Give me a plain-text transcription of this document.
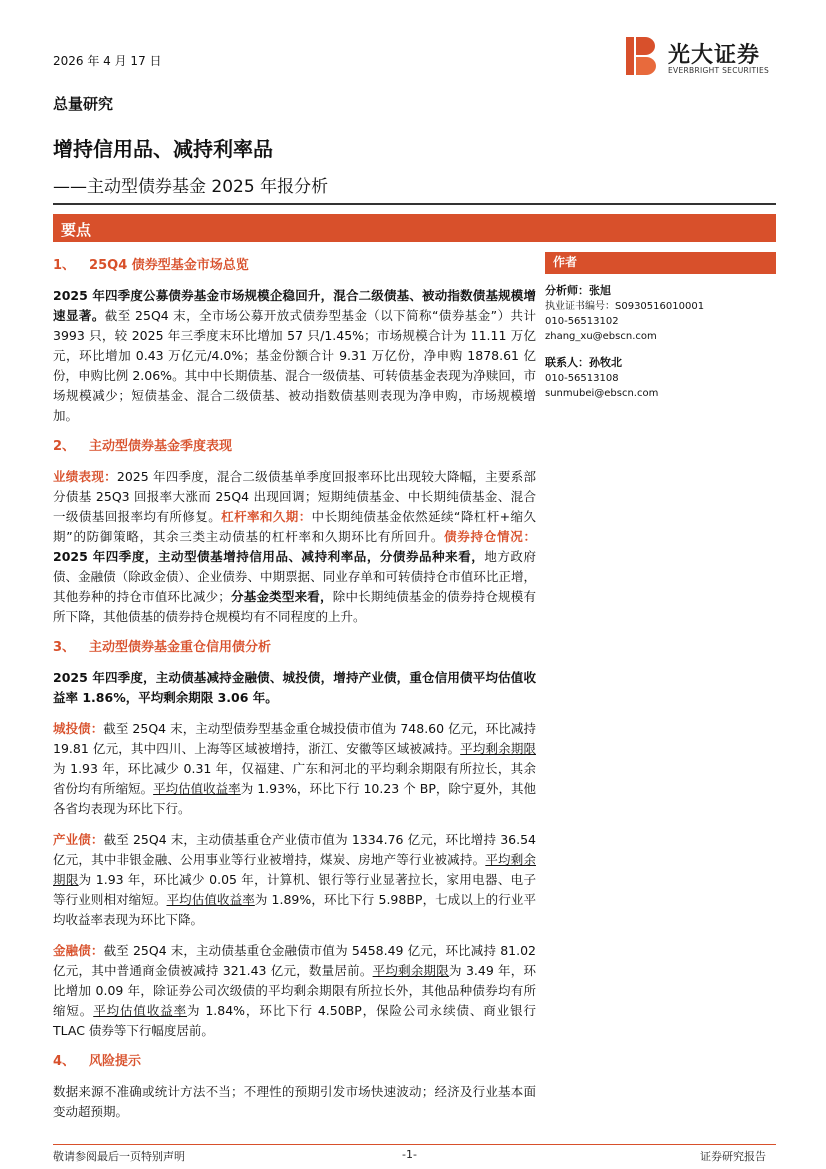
2026 年 4 月 17 日	光大证券
EVERBRIGHT SECURITIES
总量研究
增持信用品、减持利率品
——主动型债券基金 2025 年报分析
要点
1、 25Q4 债券型基金市场总览
2025 年四季度公募债券基金市场规模企稳回升，混合二级债基、被动指数债基规模增速显著。截至 25Q4 末，全市场公募开放式债券型基金（以下简称“债券基金”）共计 3993 只，较 2025 年三季度末环比增加 57 只/1.45%；市场规模合计为 11.11 万亿元，环比增加 0.43 万亿元/4.0%；基金份额合计 9.31 万亿份，净申购 1878.61 亿份，申购比例 2.06%。其中中长期债基、混合一级债基、可转债基金表现为净赎回，市场规模减少；短债基金、混合二级债基、被动指数债基则表现为净申购，市场规模增加。
2、 主动型债券基金季度表现
业绩表现：2025 年四季度，混合二级债基单季度回报率环比出现较大降幅，主要系部分债基 25Q3 回报率大涨而 25Q4 出现回调；短期纯债基金、中长期纯债基金、混合一级债基回报率均有所修复。杠杆率和久期：中长期纯债基金依然延续“降杠杆+缩久期”的防御策略，其余三类主动债基的杠杆率和久期环比有所回升。债券持仓情况：2025 年四季度，主动型债基增持信用品、减持利率品，分债券品种来看，地方政府债、金融债（除政金债）、企业债券、中期票据、同业存单和可转债持仓市值环比正增，其他券种的持仓市值环比减少；分基金类型来看，除中长期纯债基金的债券持仓规模有所下降，其他债基的债券持仓规模均有不同程度的上升。
3、 主动型债券基金重仓信用债分析
2025 年四季度，主动债基减持金融债、城投债，增持产业债，重仓信用债平均估值收益率 1.86%，平均剩余期限 3.06 年。
城投债：截至 25Q4 末，主动型债券型基金重仓城投债市值为 748.60 亿元，环比减持 19.81 亿元，其中四川、上海等区域被增持，浙江、安徽等区域被减持。平均剩余期限为 1.93 年，环比减少 0.31 年，仅福建、广东和河北的平均剩余期限有所拉长，其余省份均有所缩短。平均估值收益率为 1.93%，环比下行 10.23 个 BP，除宁夏外，其他各省均表现为环比下行。
产业债：截至 25Q4 末，主动债基重仓产业债市值为 1334.76 亿元，环比增持 36.54 亿元，其中非银金融、公用事业等行业被增持，煤炭、房地产等行业被减持。平均剩余期限为 1.93 年，环比减少 0.05 年，计算机、银行等行业显著拉长，家用电器、电子等行业则相对缩短。平均估值收益率为 1.89%，环比下行 5.98BP，七成以上的行业平均收益率表现为环比下降。
金融债：截至 25Q4 末，主动债基重仓金融债市值为 5458.49 亿元，环比减持 81.02 亿元，其中普通商金债被减持 321.43 亿元，数量居前。平均剩余期限为 3.49 年，环比增加 0.09 年，除证券公司次级债的平均剩余期限有所拉长外，其他品种债券均有所缩短。平均估值收益率为 1.84%，环比下行 4.50BP，保险公司永续债、商业银行 TLAC 债券等下行幅度居前。
4、 风险提示
数据来源不准确或统计方法不当；不理性的预期引发市场快速波动；经济及行业基本面变动超预期。
作者
分析师：张旭
执业证书编号：S0930516010001
010-56513102
zhang_xu@ebscn.com
联系人：孙牧北
010-56513108
sunmubei@ebscn.com
敬请参阅最后一页特别声明	-1-	证券研究报告
